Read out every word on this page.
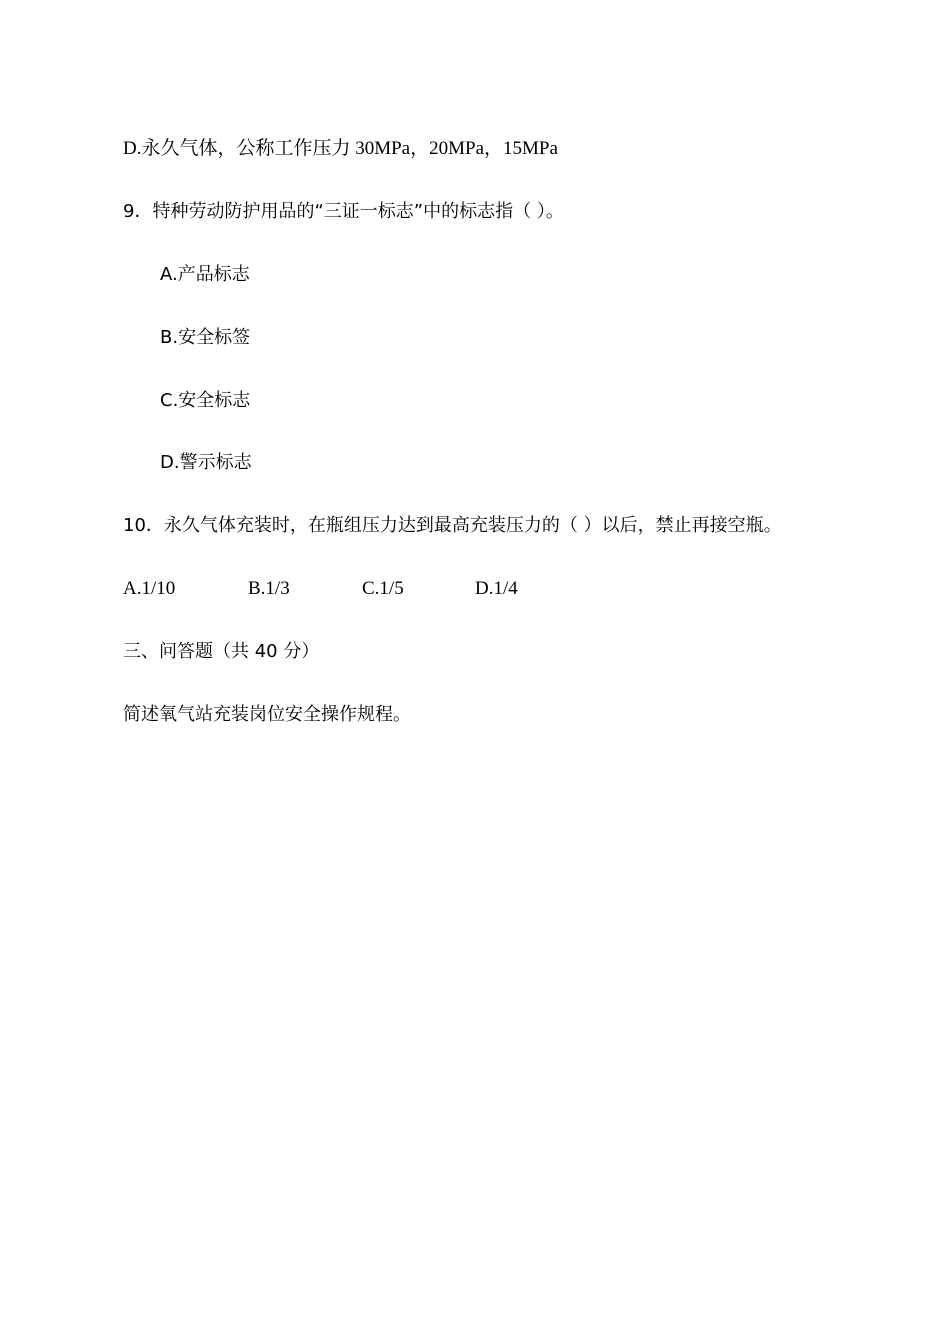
D.永久气体，公称工作压力 30MPa，20MPa，15MPa
9．特种劳动防护用品的“三证一标志”中的标志指（ ）。
A.产品标志
B.安全标签
C.安全标志
D.警示标志
10．永久气体充装时，在瓶组压力达到最高充装压力的（ ）以后，禁止再接空瓶。
A.1/10	B.1/3	C.1/5	D.1/4
三、问答题（共 40 分）
简述氧气站充装岗位安全操作规程。
